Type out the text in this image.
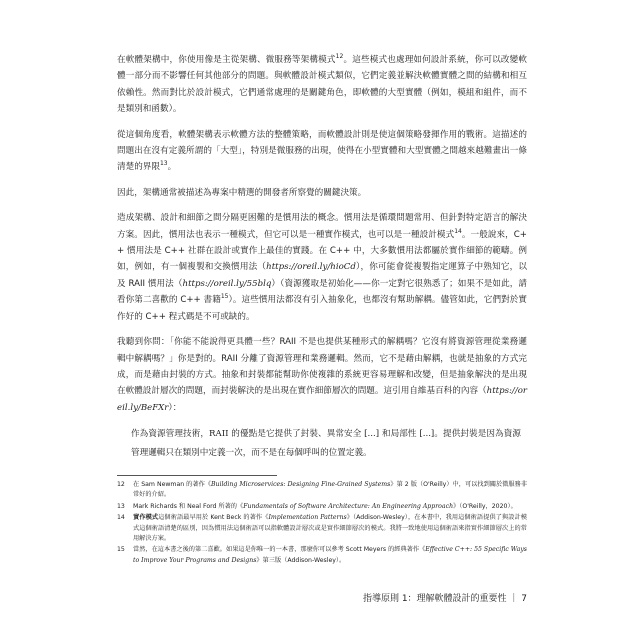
在軟體架構中，你使用像是主從架構、微服務等架構模式$^{12}$。這些模式也處理如何設計系統，你可以改變軟體一部分而不影響任何其他部分的問題。與軟體設計模式類似，它們定義並解決軟體實體之間的結構和相互依賴性。然而對比於設計模式，它們通常處理的是關鍵角色，即軟體的大型實體（例如，模組和組件，而不是類別和函數）。

從這個角度看，軟體架構表示軟體方法的整體策略，而軟體設計則是使這個策略發揮作用的戰術。這描述的問題出在沒有定義所謂的「大型」，特別是微服務的出現，使得在小型實體和大型實體之間越來越難畫出一條清楚的界限$^{13}$。

因此，架構通常被描述為專案中精選的開發者所察覺的關鍵決策。

造成架構、設計和細節之間分隔更困難的是慣用法的概念。慣用法是循環問題常用、但針對特定語言的解決方案。因此，慣用法也表示一種模式，但它可以是一種實作模式，也可以是一種設計模式$^{14}$。一般說來，C++ 慣用法是 C++ 社群在設計或實作上最佳的實踐。在 C++ 中，大多數慣用法都屬於實作細節的範疇。例如，例如，有一個複製和交換慣用法（https://oreil.ly/hioCd），你可能會從複製指定運算子中熟知它，以及 RAII 慣用法（https://oreil.ly/55blq）（資源獲取是初始化——你一定對它很熟悉了；如果不是如此，請看你第二喜歡的 C++ 書籍$^{15}$）。這些慣用法都沒有引入抽象化，也都沒有幫助解耦。儘管如此，它們對於實作好的 C++ 程式碼是不可或缺的。

我聽到你問：「你能不能說得更具體一些？RAII 不是也提供某種形式的解耦嗎？它沒有將資源管理從業務邏輯中解耦嗎？」你是對的。RAII 分離了資源管理和業務邏輯。然而，它不是藉由解耦，也就是抽象的方式完成，而是藉由封裝的方式。抽象和封裝都能幫助你使複雜的系統更容易理解和改變，但是抽象解決的是出現在軟體設計層次的問題，而封裝解決的是出現在實作細節層次的問題。這引用自維基百科的內容（https://oreil.ly/BeFXr）：

作為資源管理技術，RAII 的優點是它提供了封裝、異常安全 [...] 和局部性 [...]。提供封裝是因為資源管理邏輯只在類別中定義一次，而不是在每個呼叫的位置定義。

12 在 Sam Newman 的著作《Building Microservices: Designing Fine-Grained Systems》第 2 版（O'Reilly）中，可以找到關於微服務非常好的介紹。

13 Mark Richards 和 Neal Ford 所著的《Fundamentals of Software Architecture: An Engineering Approach》（O'Reilly，2020）。

14 實作模式這個術語最早用於 Kent Beck 的著作《Implementation Patterns》（Addison-Wesley），在本書中，我用這個術語提供了與設計模式這個術語清楚的區別，因為慣用法這個術語可以指軟體設計層次或是實作細節層次的模式。我將一致地使用這個術語來指實作細節層次上的常用解決方案。

15 當然，在這本書之後的第二喜歡。如果這是你唯一的一本書，那麼你可以參考 Scott Meyers 的經典著作《Effective C++: 55 Specific Ways to Improve Your Programs and Designs》第三版（Addison-Wesley）。

指導原則 1：理解軟體設計的重要性 ｜ 7
